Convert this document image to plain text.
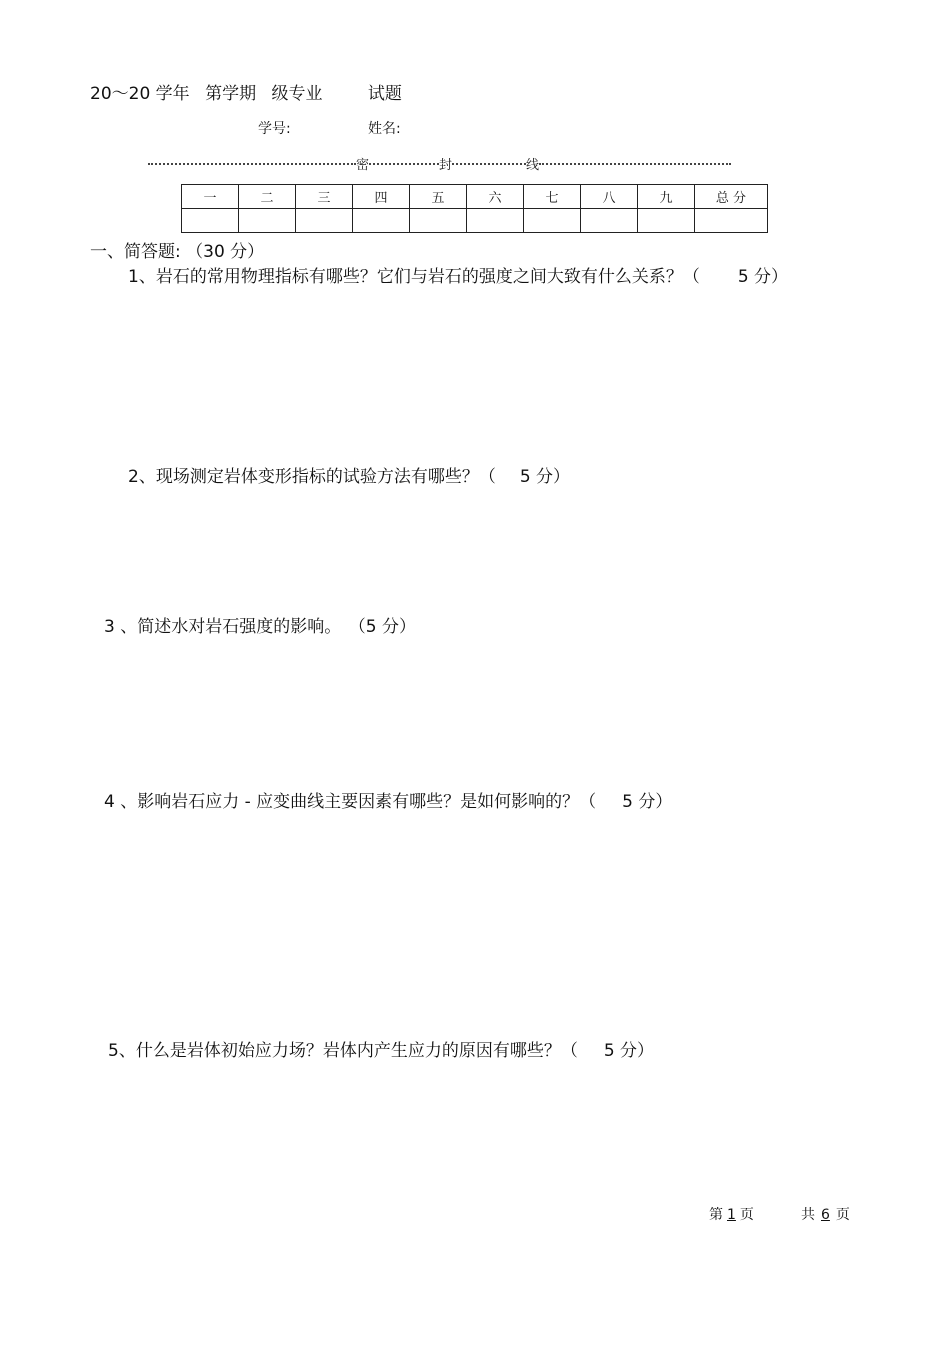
20～20 学年 第学期 级专业	试题
学号:	姓名:
密	封	线
一	二	三	四	五	六	七	八	九	总 分

一、简答题: （30 分）
1、岩石的常用物理指标有哪些？它们与岩石的强度之间大致有什么关系？（ 5 分）
2、现场测定岩体变形指标的试验方法有哪些？（ 5 分）
3 、简述水对岩石强度的影响。 （5 分）
4 、影响岩石应力 - 应变曲线主要因素有哪些？是如何影响的？（ 5 分）
5、什么是岩体初始应力场？岩体内产生应力的原因有哪些？（ 5 分）
第 1 页	共 6 页
